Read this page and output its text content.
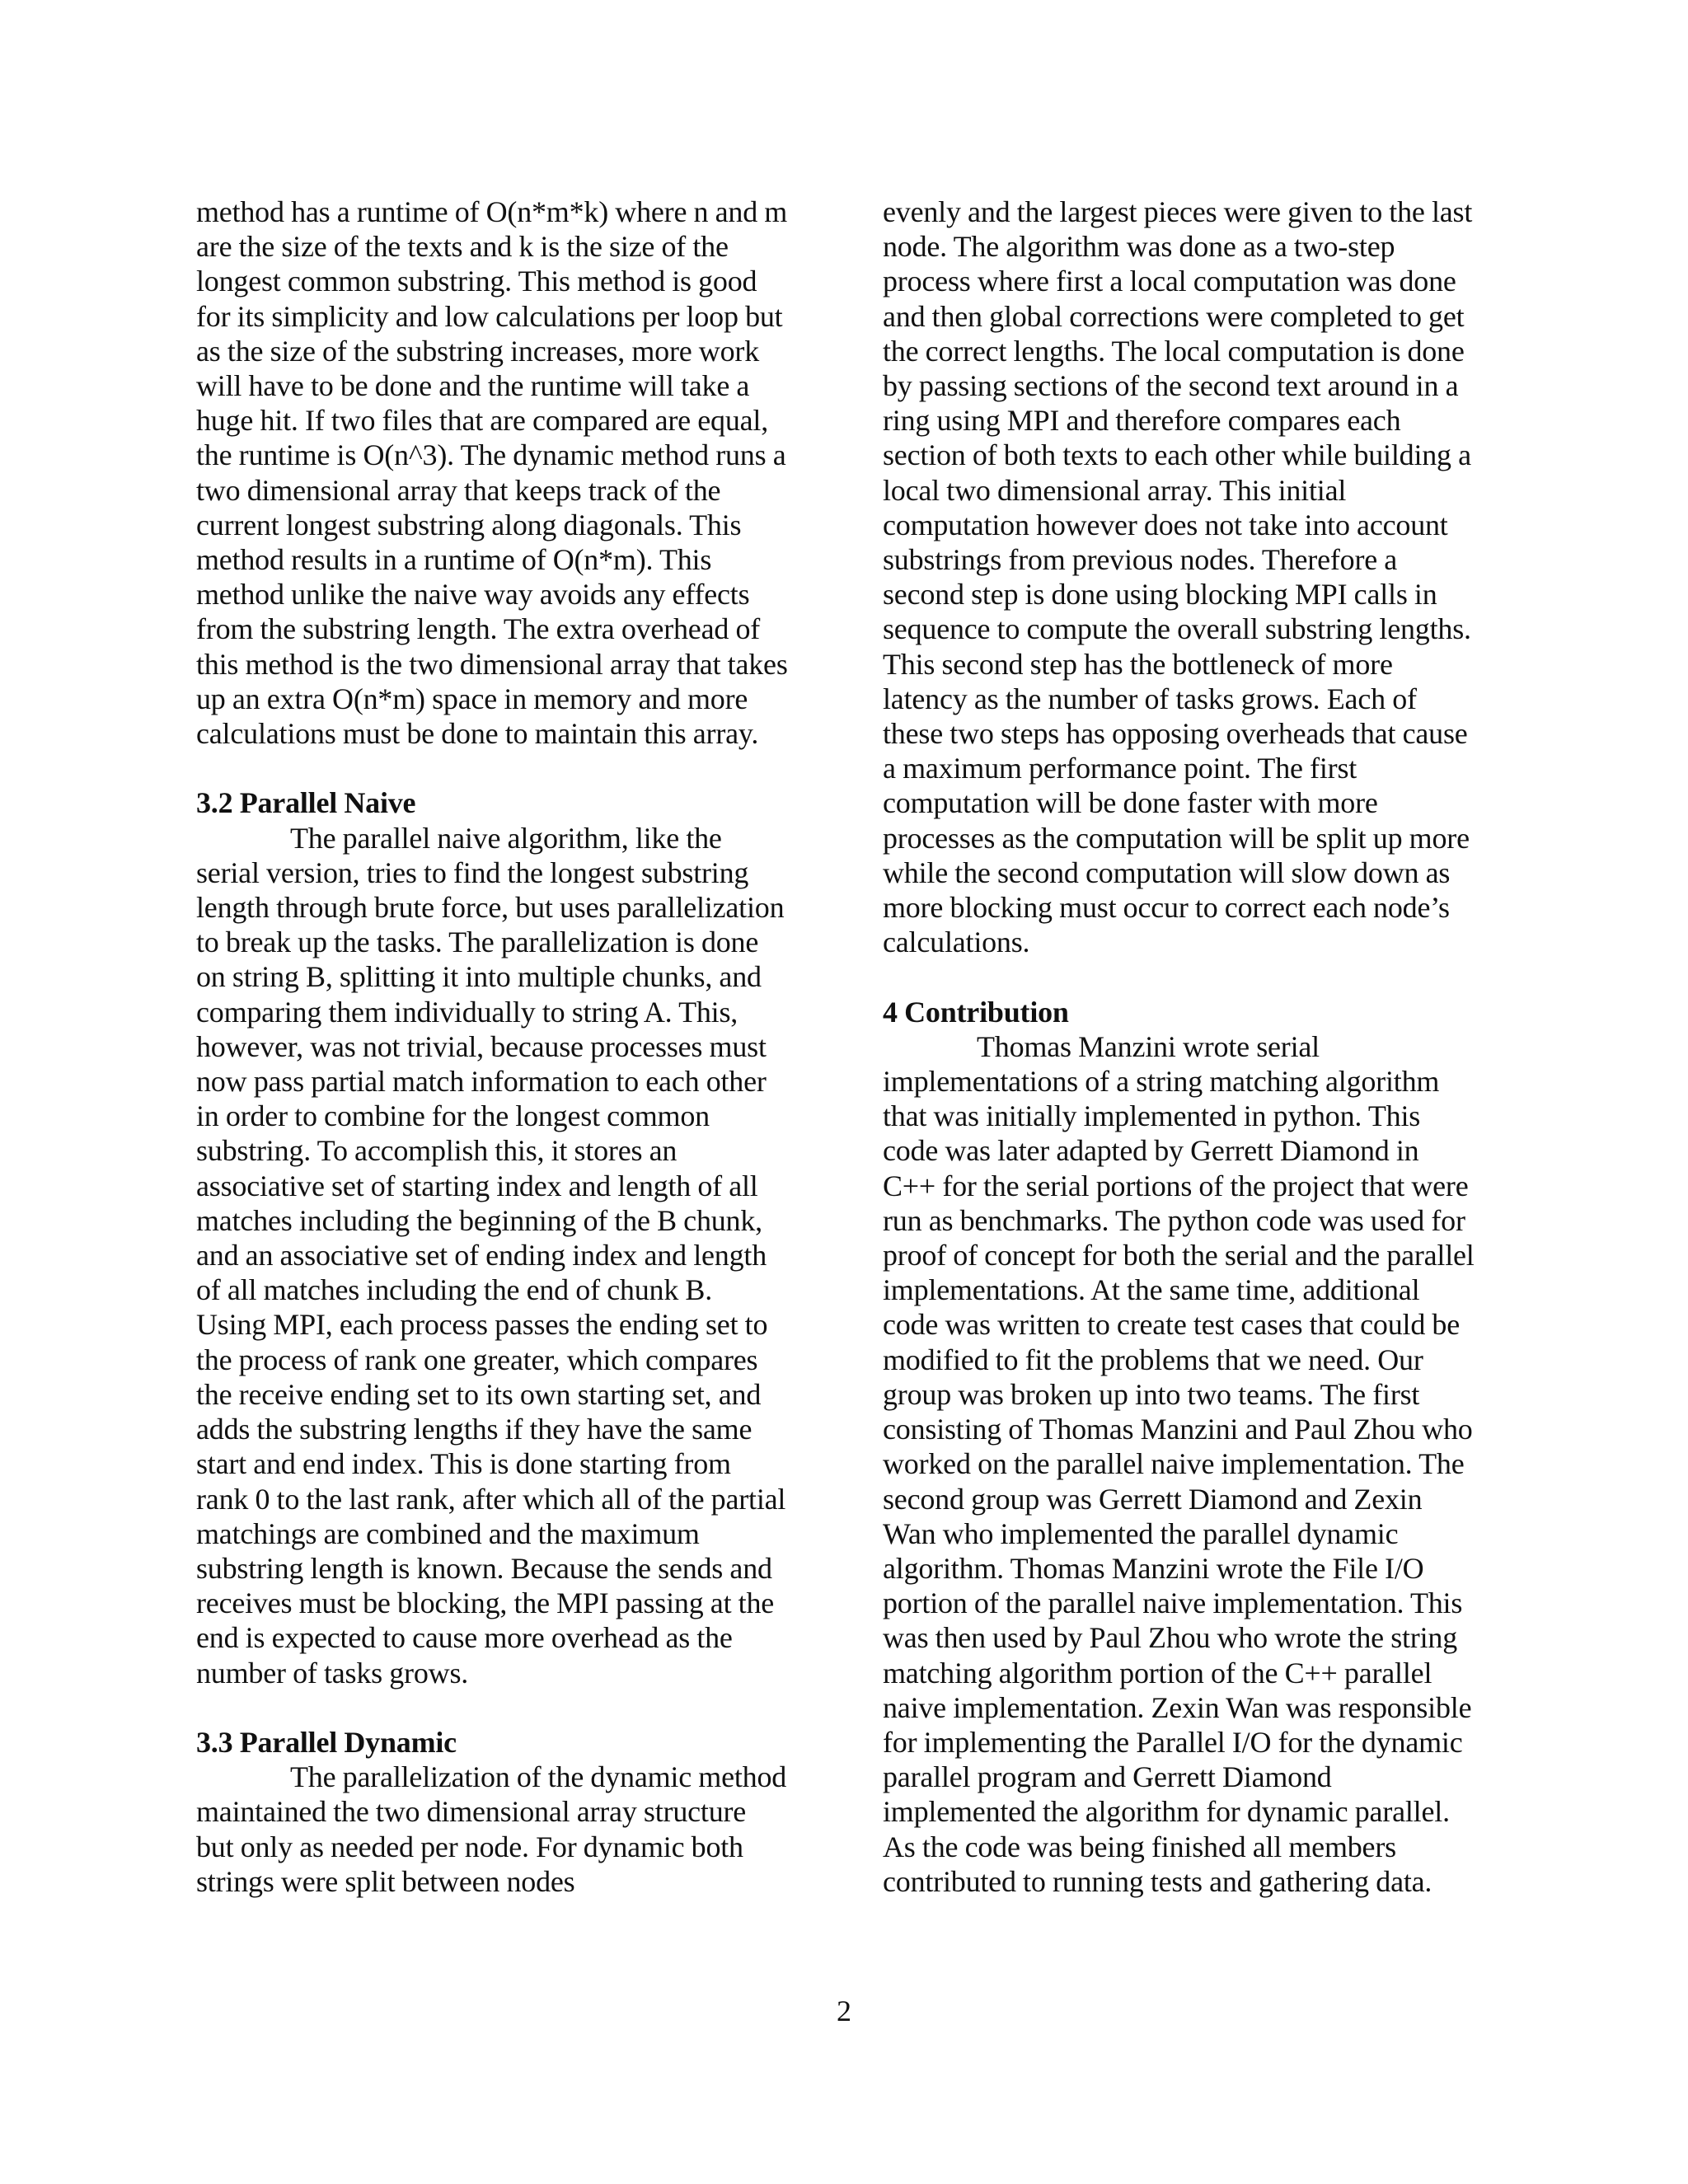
method has a runtime of O(n*m*k) where n and m are the size of the texts and k is the size of the longest common substring. This method is good for its simplicity and low calculations per loop but as the size of the substring increases, more work will have to be done and the runtime will take a huge hit. If two files that are compared are equal, the runtime is O(n^3). The dynamic method runs a two dimensional array that keeps track of the current longest substring along diagonals. This method results in a runtime of O(n*m). This method unlike the naive way avoids any effects from the substring length. The extra overhead of this method is the two dimensional array that takes up an extra O(n*m) space in memory and more calculations must be done to maintain this array.

3.2 Parallel Naive

The parallel naive algorithm, like the serial version, tries to find the longest substring length through brute force, but uses parallelization to break up the tasks. The parallelization is done on string B, splitting it into multiple chunks, and comparing them individually to string A. This, however, was not trivial, because processes must now pass partial match information to each other in order to combine for the longest common substring. To accomplish this, it stores an associative set of starting index and length of all matches including the beginning of the B chunk, and an associative set of ending index and length of all matches including the end of chunk B. Using MPI, each process passes the ending set to the process of rank one greater, which compares the receive ending set to its own starting set, and adds the substring lengths if they have the same start and end index. This is done starting from rank 0 to the last rank, after which all of the partial matchings are combined and the maximum substring length is known. Because the sends and receives must be blocking, the MPI passing at the end is expected to cause more overhead as the number of tasks grows.

3.3 Parallel Dynamic

The parallelization of the dynamic method maintained the two dimensional array structure but only as needed per node. For dynamic both strings were split between nodes

evenly and the largest pieces were given to the last node. The algorithm was done as a two-step process where first a local computation was done and then global corrections were completed to get the correct lengths. The local computation is done by passing sections of the second text around in a ring using MPI and therefore compares each section of both texts to each other while building a local two dimensional array. This initial computation however does not take into account substrings from previous nodes. Therefore a second step is done using blocking MPI calls in sequence to compute the overall substring lengths. This second step has the bottleneck of more latency as the number of tasks grows. Each of these two steps has opposing overheads that cause a maximum performance point. The first computation will be done faster with more processes as the computation will be split up more while the second computation will slow down as more blocking must occur to correct each node’s calculations.

4 Contribution

Thomas Manzini wrote serial implementations of a string matching algorithm that was initially implemented in python. This code was later adapted by Gerrett Diamond in C++ for the serial portions of the project that were run as benchmarks. The python code was used for proof of concept for both the serial and the parallel implementations. At the same time, additional code was written to create test cases that could be modified to fit the problems that we need. Our group was broken up into two teams. The first consisting of Thomas Manzini and Paul Zhou who worked on the parallel naive implementation. The second group was Gerrett Diamond and Zexin Wan who implemented the parallel dynamic algorithm. Thomas Manzini wrote the File I/O portion of the parallel naive implementation. This was then used by Paul Zhou who wrote the string matching algorithm portion of the C++ parallel naive implementation. Zexin Wan was responsible for implementing the Parallel I/O for the dynamic parallel program and Gerrett Diamond implemented the algorithm for dynamic parallel. As the code was being finished all members contributed to running tests and gathering data.

2
